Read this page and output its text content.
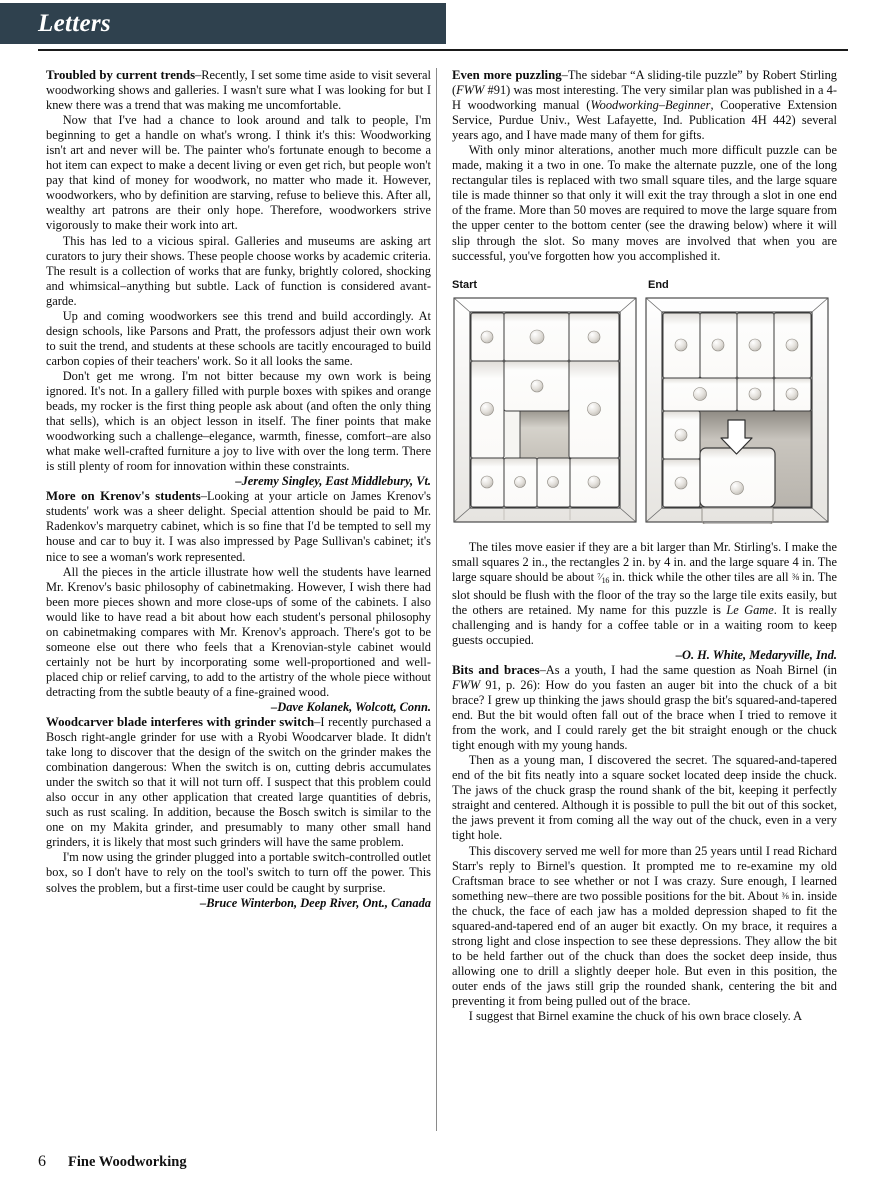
Letters

Troubled by current trends–Recently, I set some time aside to visit several woodworking shows and galleries. I wasn't sure what I was looking for but I knew there was a trend that was making me uncomfortable.

Now that I've had a chance to look around and talk to people, I'm beginning to get a handle on what's wrong. I think it's this: Woodworking isn't art and never will be. The painter who's fortunate enough to become a hot item can expect to make a decent living or even get rich, but people won't pay that kind of money for woodwork, no matter who made it. However, woodworkers, who by definition are starving, refuse to believe this. After all, wealthy art patrons are their only hope. Therefore, woodworkers strive vigorously to make their work into art.

This has led to a vicious spiral. Galleries and museums are asking art curators to jury their shows. These people choose works by academic criteria. The result is a collection of works that are funky, brightly colored, shocking and whimsical–anything but subtle. Lack of function is considered avant-garde.

Up and coming woodworkers see this trend and build accordingly. At design schools, like Parsons and Pratt, the professors adjust their own work to suit the trend, and students at these schools are tacitly encouraged to build carbon copies of their teachers' work. So it all looks the same.

Don't get me wrong. I'm not bitter because my own work is being ignored. It's not. In a gallery filled with purple boxes with spikes and orange beads, my rocker is the first thing people ask about (and often the only thing that sells), which is an object lesson in itself. The finer points that make woodworking such a challenge–elegance, warmth, finesse, comfort–are also what make well-crafted furniture a joy to live with over the long term. There is still plenty of room for innovation within these constraints.

–Jeremy Singley, East Middlebury, Vt.

More on Krenov's students–Looking at your article on James Krenov's students' work was a sheer delight. Special attention should be paid to Mr. Radenkov's marquetry cabinet, which is so fine that I'd be tempted to sell my house and car to buy it. I was also impressed by Page Sullivan's cabinet; it's nice to see a woman's work represented.

All the pieces in the article illustrate how well the students have learned Mr. Krenov's basic philosophy of cabinetmaking. However, I wish there had been more pieces shown and more close-ups of some of the cabinets. I also would like to have read a bit about how each student's personal philosophy on cabinetmaking compares with Mr. Krenov's approach. There's got to be someone else out there who feels that a Krenovian-style cabinet would certainly not be hurt by incorporating some well-proportioned and well-placed chip or relief carving, to add to the artistry of the whole piece without detracting from the subtle beauty of a fine-grained wood.

–Dave Kolanek, Wolcott, Conn.

Woodcarver blade interferes with grinder switch–I recently purchased a Bosch right-angle grinder for use with a Ryobi Woodcarver blade. It didn't take long to discover that the design of the switch on the grinder makes the combination dangerous: When the switch is on, cutting debris accumulates under the switch so that it will not turn off. I suspect that this problem could also occur in any other application that created large quantities of debris, such as rust scaling. In addition, because the Bosch switch is similar to the one on my Makita grinder, and presumably to many other small hand grinders, it is likely that most such grinders will have the same problem.

I'm now using the grinder plugged into a portable switch-controlled outlet box, so I don't have to rely on the tool's switch to turn off the power. This solves the problem, but a first-time user could be caught by surprise.

–Bruce Winterbon, Deep River, Ont., Canada

Even more puzzling–The sidebar “A sliding-tile puzzle” by Robert Stirling (FWW #91) was most interesting. The very similar plan was published in a 4-H woodworking manual (Woodworking–Beginner, Cooperative Extension Service, Purdue Univ., West Lafayette, Ind. Publication 4H 442) several years ago, and I have made many of them for gifts.

With only minor alterations, another much more difficult puzzle can be made, making it a two in one. To make the alternate puzzle, one of the long rectangular tiles is replaced with two small square tiles, and the large square tile is made thinner so that only it will exit the tray through a slot in one end of the frame. More than 50 moves are required to move the large square from the upper center to the bottom center (see the drawing below) where it will slip through the slot. So many moves are involved that when you are successful, you've forgotten how you accomplished it.

Start	End

The tiles move easier if they are a bit larger than Mr. Stirling's. I make the small squares 2 in., the rectangles 2 in. by 4 in. and the large square 4 in. The large square should be about $^7⁄_{16}$ in. thick while the other tiles are all ⅜ in. The slot should be flush with the floor of the tray so the large tile exits easily, but the others are retained. My name for this puzzle is Le Game. It is really challenging and is handy for a coffee table or in a waiting room to keep guests occupied.

–O. H. White, Medaryville, Ind.

Bits and braces–As a youth, I had the same question as Noah Birnel (in FWW 91, p. 26): How do you fasten an auger bit into the chuck of a bit brace? I grew up thinking the jaws should grasp the bit's squared-and-tapered end. But the bit would often fall out of the brace when I tried to remove it from the work, and I could rarely get the bit straight enough or the chuck tight enough with my young hands.

Then as a young man, I discovered the secret. The squared-and-tapered end of the bit fits neatly into a square socket located deep inside the chuck. The jaws of the chuck grasp the round shank of the bit, keeping it perfectly straight and centered. Although it is possible to pull the bit out of this socket, the jaws prevent it from coming all the way out of the chuck, even in a very tight hole.

This discovery served me well for more than 25 years until I read Richard Starr's reply to Birnel's question. It prompted me to re-examine my old Craftsman brace to see whether or not I was crazy. Sure enough, I learned something new–there are two possible positions for the bit. About ⅜ in. inside the chuck, the face of each jaw has a molded depression shaped to fit the squared-and-tapered end of an auger bit exactly. On my brace, it requires a strong light and close inspection to see these depressions. They allow the bit to be held farther out of the chuck than does the socket deep inside, thus allowing one to drill a slightly deeper hole. But even in this position, the outer ends of the jaws still grip the rounded shank, centering the bit and preventing it from being pulled out of the brace.

I suggest that Birnel examine the chuck of his own brace closely. A

6 Fine Woodworking
